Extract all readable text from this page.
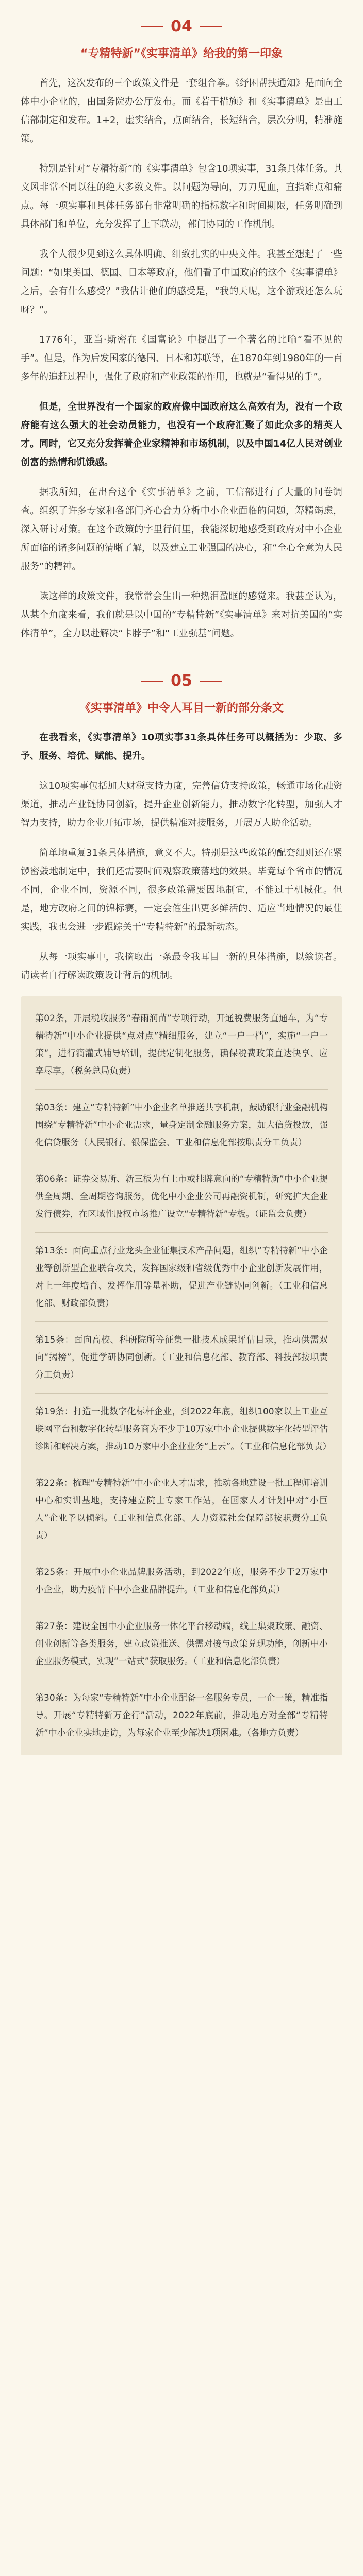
04
“专精特新”《实事清单》给我的第一印象

首先，这次发布的三个政策文件是一套组合拳。《纾困帮扶通知》是面向全体中小企业的，由国务院办公厅发布。而《若干措施》和《实事清单》是由工信部制定和发布。1+2，虚实结合，点面结合，长短结合，层次分明，精准施策。

特别是针对“专精特新”的《实事清单》包含10项实事，31条具体任务。其文风非常不同以往的绝大多数文件。以问题为导向，刀刀见血，直指难点和痛点。每一项实事和具体任务都有非常明确的指标数字和时间期限，任务明确到具体部门和单位，充分发挥了上下联动，部门协同的工作机制。

我个人很少见到这么具体明确、细致扎实的中央文件。我甚至想起了一些问题：“如果美国、德国、日本等政府，他们看了中国政府的这个《实事清单》之后，会有什么感受？”我估计他们的感受是，“我的天呢，这个游戏还怎么玩呀？”。

1776年，亚当·斯密在《国富论》中提出了一个著名的比喻“看不见的手”。但是，作为后发国家的德国、日本和苏联等，在1870年到1980年的一百多年的追赶过程中，强化了政府和产业政策的作用，也就是“看得见的手”。

但是，全世界没有一个国家的政府像中国政府这么高效有为，没有一个政府能有这么强大的社会动员能力，也没有一个政府汇聚了如此众多的精英人才。同时，它又充分发挥着企业家精神和市场机制，以及中国14亿人民对创业创富的热情和饥饿感。

据我所知，在出台这个《实事清单》之前，工信部进行了大量的问卷调查。组织了许多专家和各部门齐心合力分析中小企业面临的问题，筹精竭虑，深入研讨对策。在这个政策的字里行间里，我能深切地感受到政府对中小企业所面临的诸多问题的清晰了解，以及建立工业强国的决心，和“全心全意为人民服务”的精神。

读这样的政策文件，我常常会生出一种热泪盈眶的感觉来。我甚至认为，从某个角度来看，我们就是以中国的“专精特新”《实事清单》来对抗美国的“实体清单”，全力以赴解决“卡脖子”和“工业强基”问题。

05
《实事清单》中令人耳目一新的部分条文

在我看来，《实事清单》10项实事31条具体任务可以概括为：少取、多予、服务、培优、赋能、提升。

这10项实事包括加大财税支持力度，完善信贷支持政策，畅通市场化融资渠道，推动产业链协同创新，提升企业创新能力，推动数字化转型，加强人才智力支持，助力企业开拓市场，提供精准对接服务，开展万人助企活动。

简单地重复31条具体措施，意义不大。特别是这些政策的配套细则还在紧锣密鼓地制定中，我们还需要时间观察政策落地的效果。毕竟每个省市的情况不同，企业不同，资源不同，很多政策需要因地制宜，不能过于机械化。但是，地方政府之间的锦标赛，一定会催生出更多鲜活的、适应当地情况的最佳实践，我也会进一步跟踪关于“专精特新”的最新动态。

从每一项实事中，我摘取出一条最令我耳目一新的具体措施，以飨读者。请读者自行解读政策设计背后的机制。

第02条，开展税收服务“春雨润苗”专项行动，开通税费服务直通车，为“专精特新”中小企业提供“点对点”精细服务，建立“一户一档”，实施“一户一策”，进行滴灌式辅导培训，提供定制化服务，确保税费政策直达快享、应享尽享。（税务总局负责）

第03条：建立“专精特新”中小企业名单推送共享机制，鼓励银行业金融机构围绕“专精特新”中小企业需求，量身定制金融服务方案，加大信贷投放，强化信贷服务（人民银行、银保监会、工业和信息化部按职责分工负责）

第06条：证券交易所、新三板为有上市或挂牌意向的“专精特新”中小企业提供全周期、全周期咨询服务，优化中小企业公司再融资机制，研究扩大企业发行债券，在区域性股权市场推广设立“专精特新”专板。（证监会负责）

第13条：面向重点行业龙头企业征集技术产品问题，组织“专精特新”中小企业等创新型企业联合攻关，发挥国家级和省级优秀中小企业创新发展作用，对上一年度培育、发挥作用等量补助，促进产业链协同创新。（工业和信息化部、财政部负责）

第15条：面向高校、科研院所等征集一批技术成果评估目录，推动供需双向“揭榜”，促进学研协同创新。（工业和信息化部、教育部、科技部按职责分工负责）

第19条：打造一批数字化标杆企业，到2022年底，组织100家以上工业互联网平台和数字化转型服务商为不少于10万家中小企业提供数字化转型评估诊断和解决方案，推动10万家中小企业业务“上云”。（工业和信息化部负责）

第22条：梳理“专精特新”中小企业人才需求，推动各地建设一批工程师培训中心和实训基地，支持建立院士专家工作站，在国家人才计划中对“小巨人”企业予以倾斜。（工业和信息化部、人力资源社会保障部按职责分工负责）

第25条：开展中小企业品牌服务活动，到2022年底，服务不少于2万家中小企业，助力疫情下中小企业品牌提升。（工业和信息化部负责）

第27条：建设全国中小企业服务一体化平台移动端，线上集聚政策、融资、创业创新等各类服务，建立政策推送、供需对接与政策兑现功能，创新中小企业服务模式，实现“一站式”获取服务。（工业和信息化部负责）

第30条：为每家“专精特新”中小企业配备一名服务专员，一企一策，精准指导。开展“专精特新万企行”活动，2022年底前，推动地方对全部“专精特新”中小企业实地走访，为每家企业至少解决1项困难。（各地方负责）
